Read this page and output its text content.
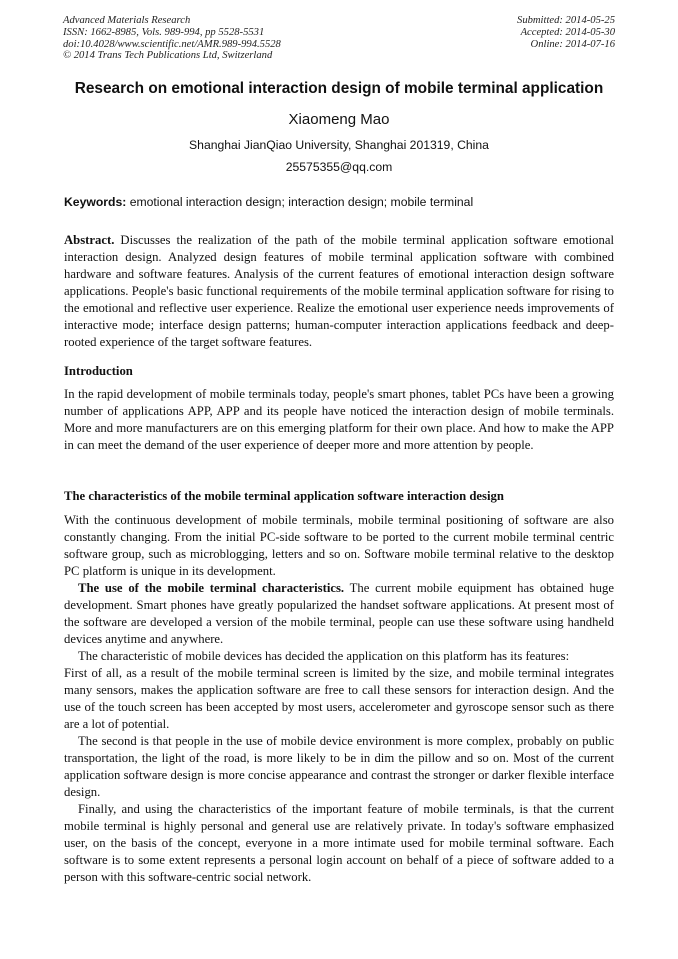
Advanced Materials Research
ISSN: 1662-8985, Vols. 989-994, pp 5528-5531
doi:10.4028/www.scientific.net/AMR.989-994.5528
© 2014 Trans Tech Publications Ltd, Switzerland
Submitted: 2014-05-25
Accepted: 2014-05-30
Online: 2014-07-16
Research on emotional interaction design of mobile terminal application
Xiaomeng Mao
Shanghai JianQiao University, Shanghai 201319, China
25575355@qq.com
Keywords: emotional interaction design; interaction design; mobile terminal

Abstract. Discusses the realization of the path of the mobile terminal application software emotional interaction design. Analyzed design features of mobile terminal application software with combined hardware and software features. Analysis of the current features of emotional interaction design software applications. People's basic functional requirements of the mobile terminal application software for rising to the emotional and reflective user experience. Realize the emotional user experience needs improvements of interactive mode; interface design patterns; human-computer interaction applications feedback and deep-rooted experience of the target software features.

Introduction

In the rapid development of mobile terminals today, people's smart phones, tablet PCs have been a growing number of applications APP, APP and its people have noticed the interaction design of mobile terminals. More and more manufacturers are on this emerging platform for their own place. And how to make the APP in can meet the demand of the user experience of deeper more and more attention by people.

The characteristics of the mobile terminal application software interaction design

With the continuous development of mobile terminals, mobile terminal positioning of software are also constantly changing. From the initial PC-side software to be ported to the current mobile terminal centric software group, such as microblogging, letters and so on. Software mobile terminal relative to the desktop PC platform is unique in its development.

The use of the mobile terminal characteristics. The current mobile equipment has obtained huge development. Smart phones have greatly popularized the handset software applications. At present most of the software are developed a version of the mobile terminal, people can use these software using handheld devices anytime and anywhere.

The characteristic of mobile devices has decided the application on this platform has its features:

First of all, as a result of the mobile terminal screen is limited by the size, and mobile terminal integrates many sensors, makes the application software are free to call these sensors for interaction design. And the use of the touch screen has been accepted by most users, accelerometer and gyroscope sensor such as there are a lot of potential.

The second is that people in the use of mobile device environment is more complex, probably on public transportation, the light of the road, is more likely to be in dim the pillow and so on. Most of the current application software design is more concise appearance and contrast the stronger or darker flexible interface design.

Finally, and using the characteristics of the important feature of mobile terminals, is that the current mobile terminal is highly personal and general use are relatively private. In today's software emphasized user, on the basis of the concept, everyone in a more intimate used for mobile terminal software. Each software is to some extent represents a personal login account on behalf of a piece of software added to a person with this software-centric social network.
